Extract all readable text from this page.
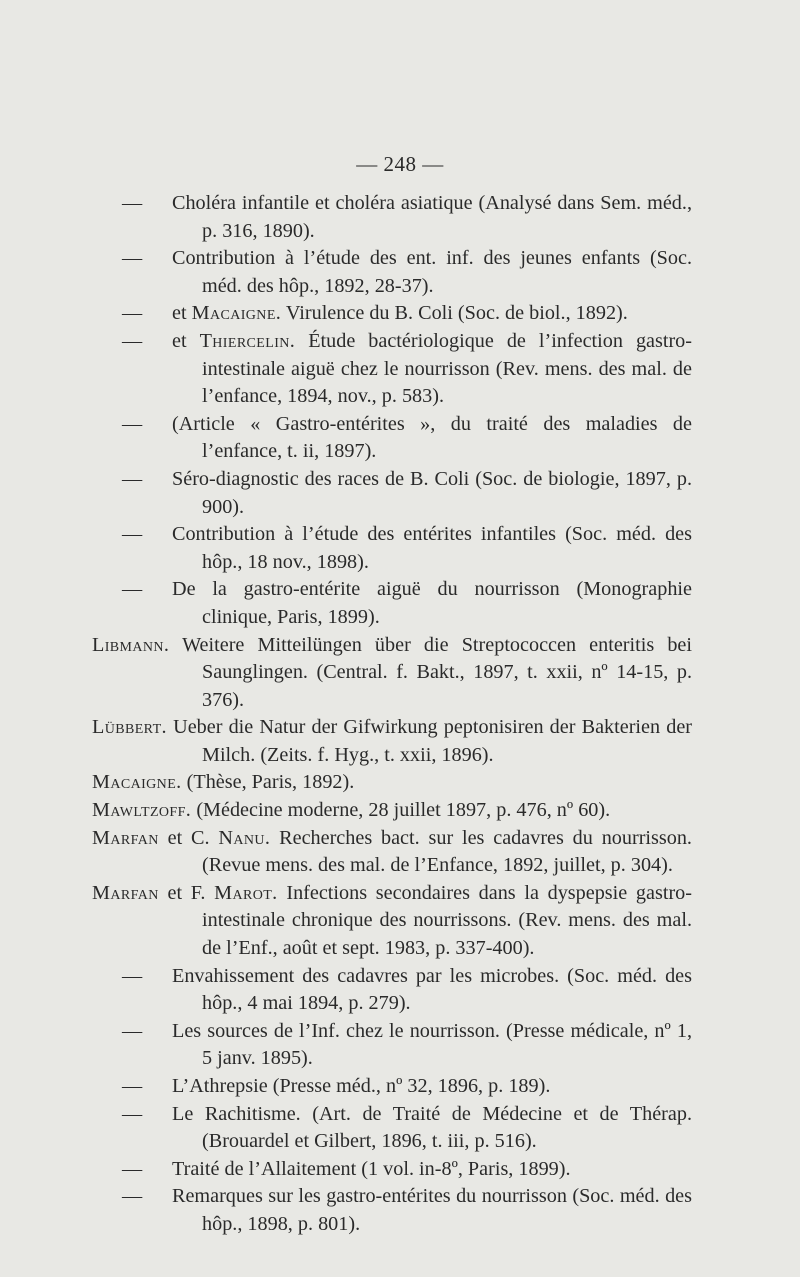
— 248 —
— Choléra infantile et choléra asiatique (Analysé dans Sem. méd., p. 316, 1890).
— Contribution à l’étude des ent. inf. des jeunes enfants (Soc. méd. des hôp., 1892, 28-37).
— et Macaigne. Virulence du B. Coli (Soc. de biol., 1892).
— et Thiercelin. Étude bactériologique de l’infection gastro-intestinale aiguë chez le nourrisson (Rev. mens. des mal. de l’enfance, 1894, nov., p. 583).
— (Article « Gastro-entérites », du traité des maladies de l’enfance, t. ii, 1897).
— Séro-diagnostic des races de B. Coli (Soc. de biologie, 1897, p. 900).
— Contribution à l’étude des entérites infantiles (Soc. méd. des hôp., 18 nov., 1898).
— De la gastro-entérite aiguë du nourrisson (Monographie clinique, Paris, 1899).
Libmann. Weitere Mitteilüngen über die Streptococcen enteritis bei Saunglingen. (Central. f. Bakt., 1897, t. xxii, nº 14-15, p. 376).
Lübbert. Ueber die Natur der Gifwirkung peptonisiren der Bakterien der Milch. (Zeits. f. Hyg., t. xxii, 1896).
Macaigne. (Thèse, Paris, 1892).
Mawltzoff. (Médecine moderne, 28 juillet 1897, p. 476, nº 60).
Marfan et C. Nanu. Recherches bact. sur les cadavres du nourrisson. (Revue mens. des mal. de l’Enfance, 1892, juillet, p. 304).
Marfan et F. Marot. Infections secondaires dans la dyspepsie gastro-intestinale chronique des nourrissons. (Rev. mens. des mal. de l’Enf., août et sept. 1983, p. 337-400).
— Envahissement des cadavres par les microbes. (Soc. méd. des hôp., 4 mai 1894, p. 279).
— Les sources de l’Inf. chez le nourrisson. (Presse médicale, nº 1, 5 janv. 1895).
— L’Athrepsie (Presse méd., nº 32, 1896, p. 189).
— Le Rachitisme. (Art. de Traité de Médecine et de Thérap. (Brouardel et Gilbert, 1896, t. iii, p. 516).
— Traité de l’Allaitement (1 vol. in-8º, Paris, 1899).
— Remarques sur les gastro-entérites du nourrisson (Soc. méd. des hôp., 1898, p. 801).
